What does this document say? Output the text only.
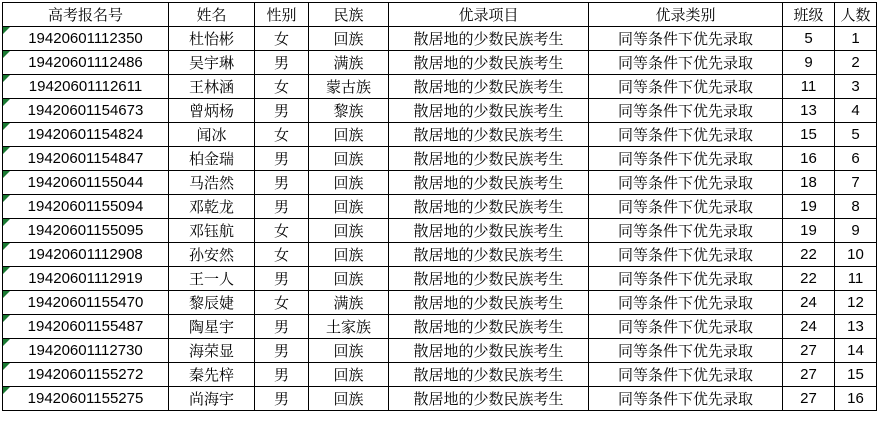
高考报名号	姓名	性别	民族	优录项目	优录类别	班级	人数

19420601112350	杜怡彬	女	回族	散居地的少数民族考生	同等条件下优先录取	5	1

19420601112486	吴宇琳	男	满族	散居地的少数民族考生	同等条件下优先录取	9	2

19420601112611	王林涵	女	蒙古族	散居地的少数民族考生	同等条件下优先录取	11	3

19420601154673	曾炳杨	男	黎族	散居地的少数民族考生	同等条件下优先录取	13	4

19420601154824	闻冰	女	回族	散居地的少数民族考生	同等条件下优先录取	15	5

19420601154847	柏金瑞	男	回族	散居地的少数民族考生	同等条件下优先录取	16	6

19420601155044	马浩然	男	回族	散居地的少数民族考生	同等条件下优先录取	18	7

19420601155094	邓乾龙	男	回族	散居地的少数民族考生	同等条件下优先录取	19	8

19420601155095	邓钰航	女	回族	散居地的少数民族考生	同等条件下优先录取	19	9

19420601112908	孙安然	女	回族	散居地的少数民族考生	同等条件下优先录取	22	10

19420601112919	王一人	男	回族	散居地的少数民族考生	同等条件下优先录取	22	11

19420601155470	黎辰婕	女	满族	散居地的少数民族考生	同等条件下优先录取	24	12

19420601155487	陶星宇	男	土家族	散居地的少数民族考生	同等条件下优先录取	24	13

19420601112730	海荣显	男	回族	散居地的少数民族考生	同等条件下优先录取	27	14

19420601155272	秦先梓	男	回族	散居地的少数民族考生	同等条件下优先录取	27	15

19420601155275	尚海宇	男	回族	散居地的少数民族考生	同等条件下优先录取	27	16
